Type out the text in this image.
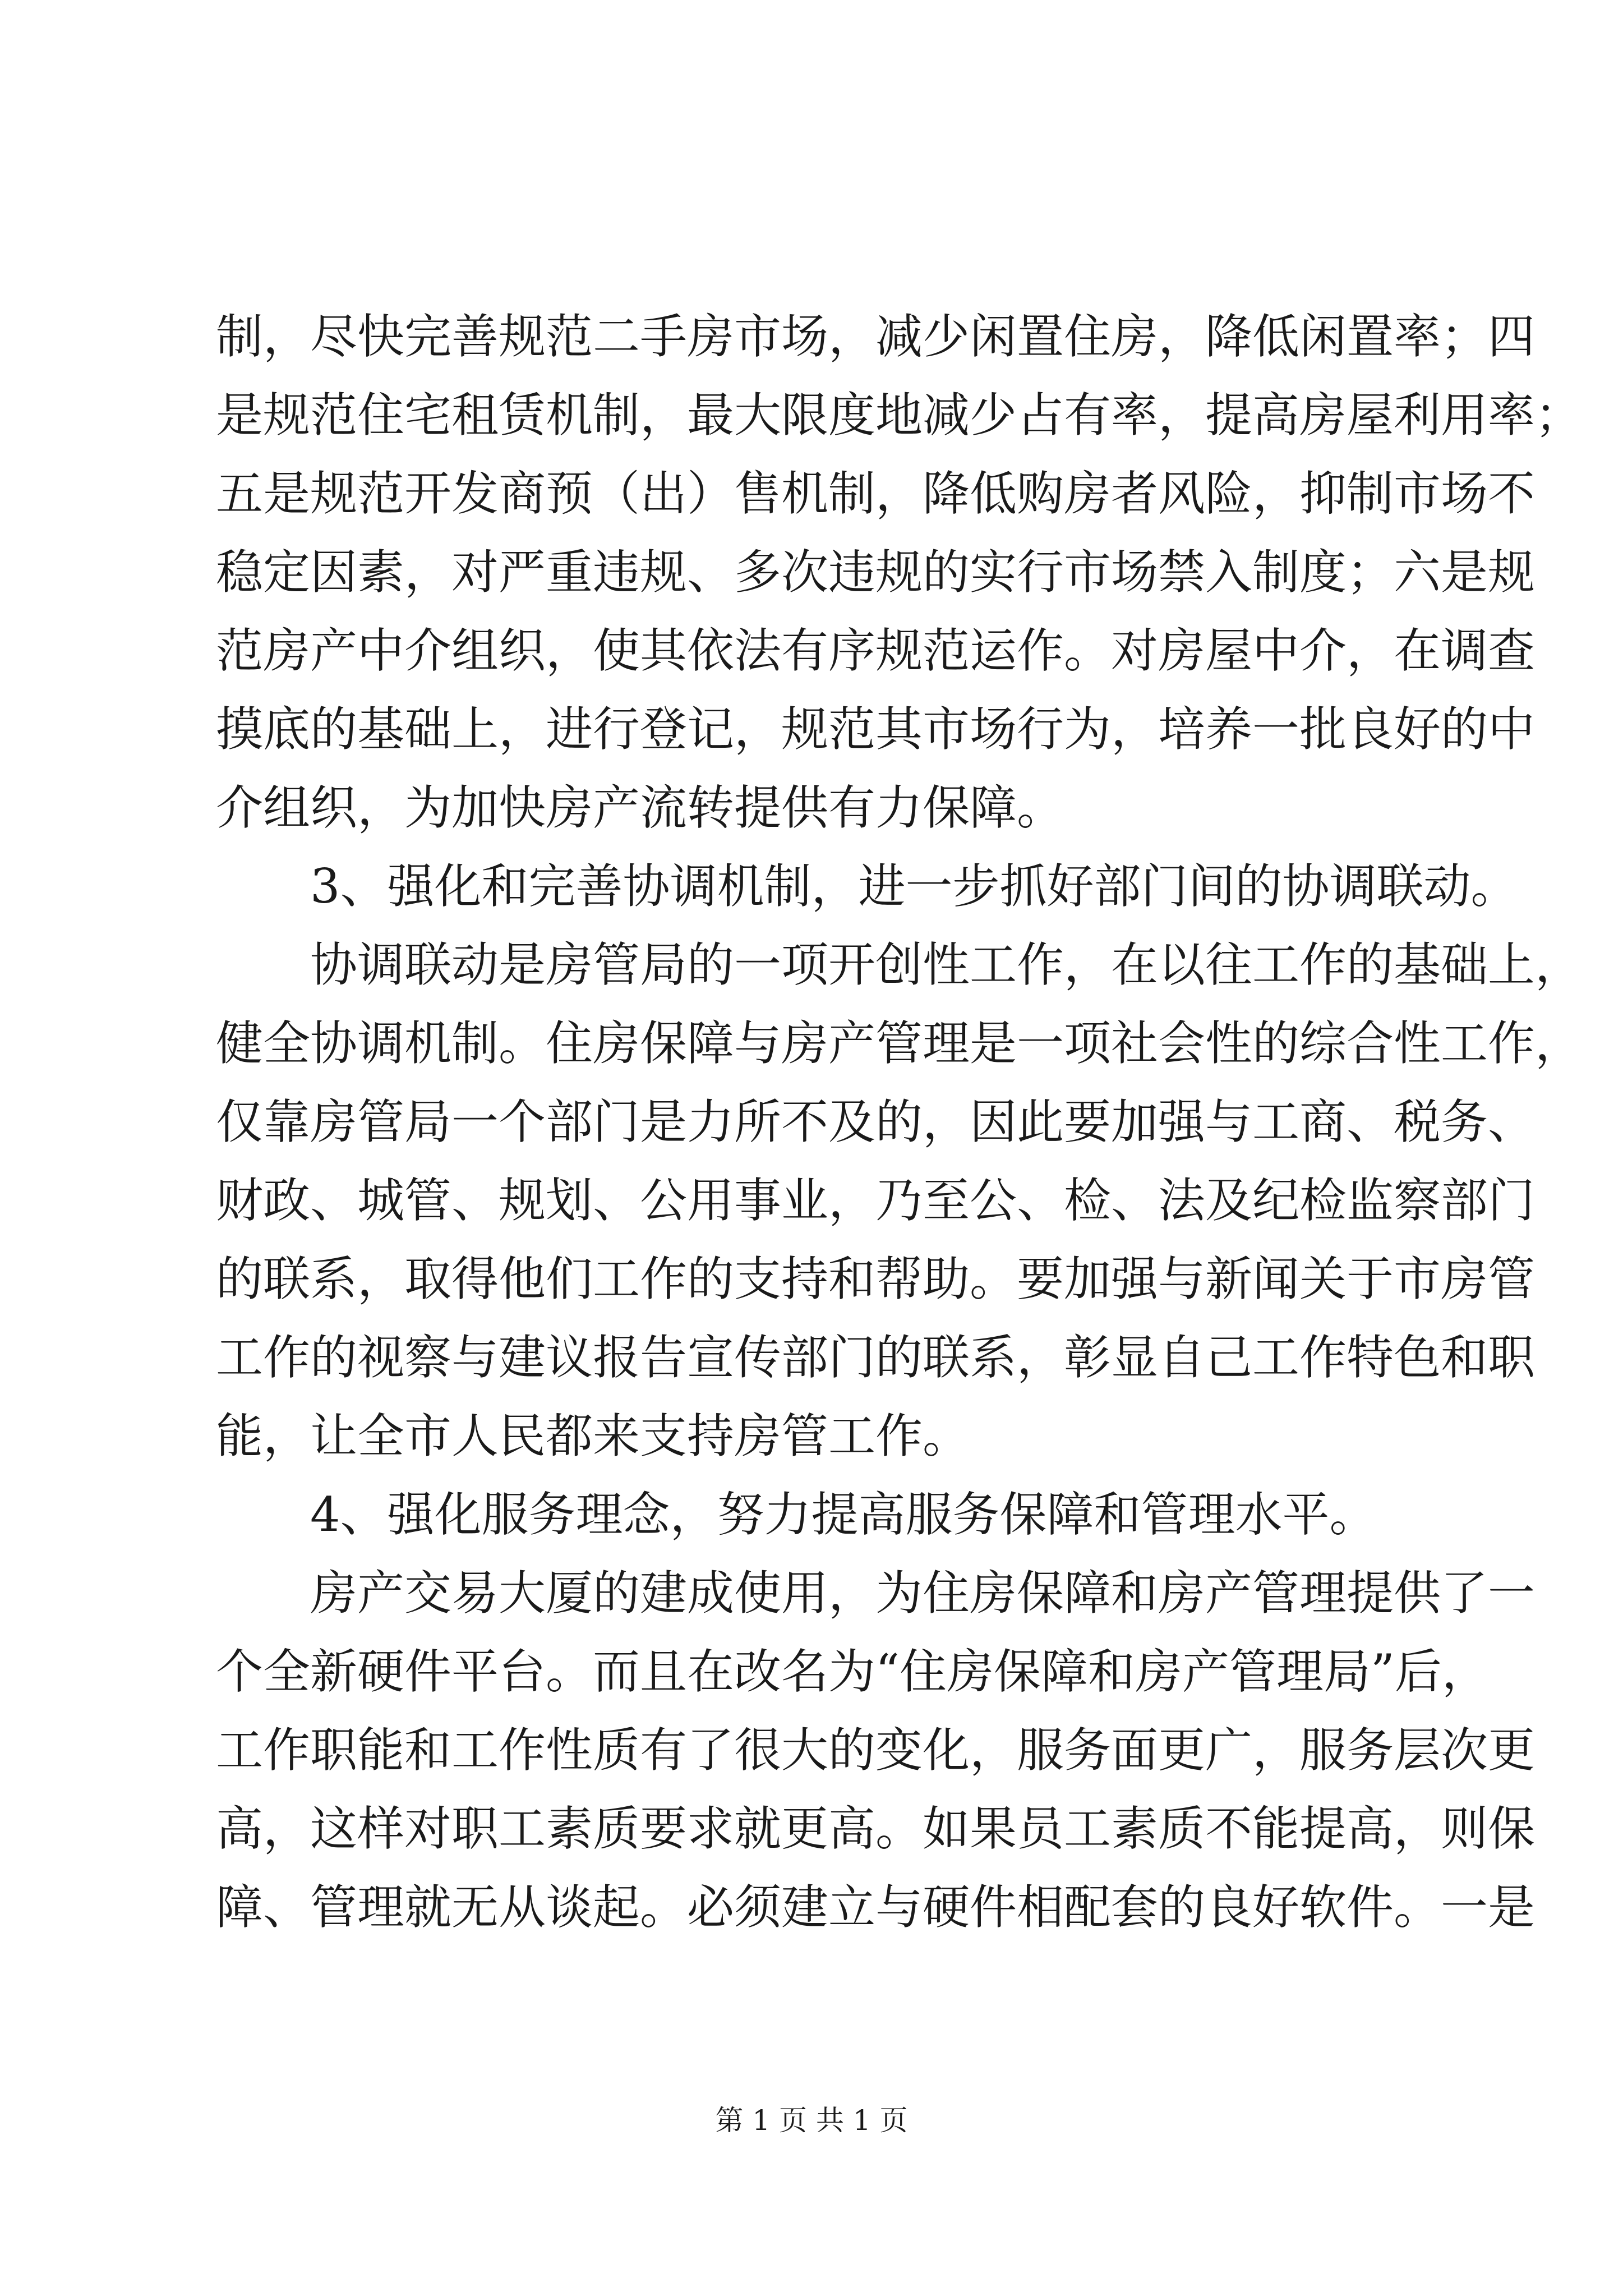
制，尽快完善规范二手房市场，减少闲置住房，降低闲置率；四
是规范住宅租赁机制，最大限度地减少占有率，提高房屋利用率；
五是规范开发商预（出）售机制，降低购房者风险，抑制市场不
稳定因素，对严重违规、多次违规的实行市场禁入制度；六是规
范房产中介组织，使其依法有序规范运作。对房屋中介，在调查
摸底的基础上，进行登记，规范其市场行为，培养一批良好的中
介组织，为加快房产流转提供有力保障。
3、强化和完善协调机制，进一步抓好部门间的协调联动。
协调联动是房管局的一项开创性工作，在以往工作的基础上，
健全协调机制。住房保障与房产管理是一项社会性的综合性工作，
仅靠房管局一个部门是力所不及的，因此要加强与工商、税务、
财政、城管、规划、公用事业，乃至公、检、法及纪检监察部门
的联系，取得他们工作的支持和帮助。要加强与新闻关于市房管
工作的视察与建议报告宣传部门的联系，彰显自己工作特色和职
能，让全市人民都来支持房管工作。
4、强化服务理念，努力提高服务保障和管理水平。
房产交易大厦的建成使用，为住房保障和房产管理提供了一
个全新硬件平台。而且在改名为“住房保障和房产管理局”后，
工作职能和工作性质有了很大的变化，服务面更广，服务层次更
高，这样对职工素质要求就更高。如果员工素质不能提高，则保
障、管理就无从谈起。必须建立与硬件相配套的良好软件。一是
第 1 页 共 1 页
